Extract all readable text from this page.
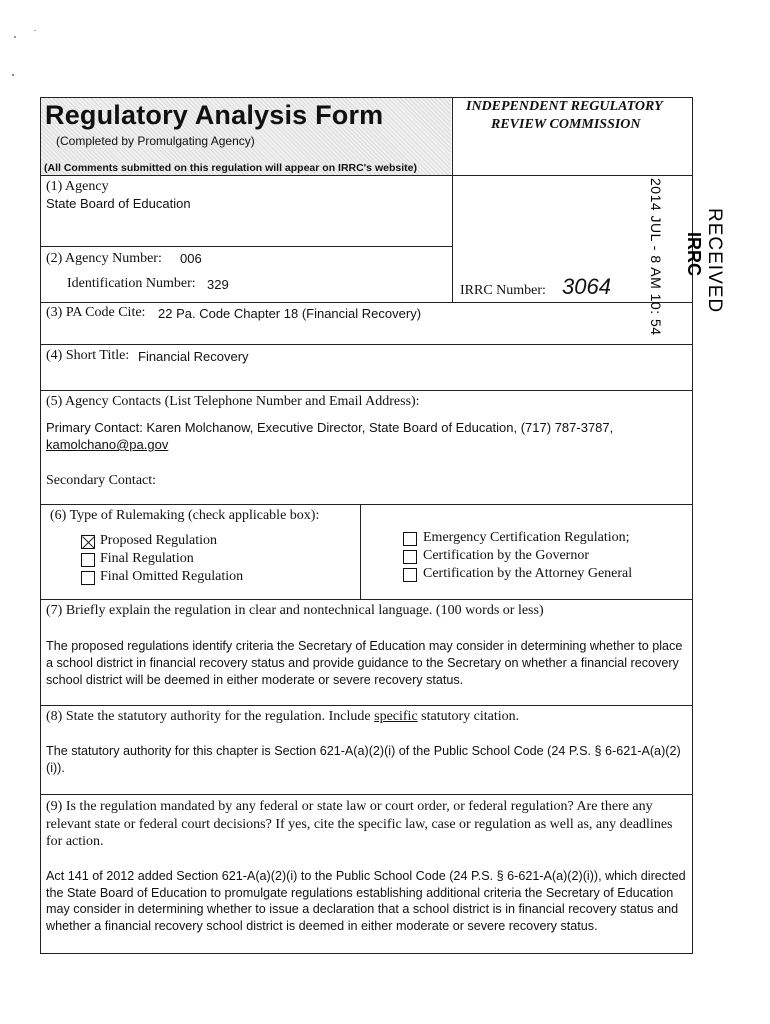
Regulatory Analysis Form
(Completed by Promulgating Agency)
(All Comments submitted on this regulation will appear on IRRC's website)
INDEPENDENT REGULATORY
REVIEW COMMISSION
RECEIVED
IRRC
2014 JUL - 8 AM 10: 54
(1) Agency
State Board of Education
(2) Agency Number: 006
Identification Number: 329	IRRC Number: 3064
(3) PA Code Cite: 22 Pa. Code Chapter 18 (Financial Recovery)
(4) Short Title: Financial Recovery
(5) Agency Contacts (List Telephone Number and Email Address):
Primary Contact: Karen Molchanow, Executive Director, State Board of Education, (717) 787-3787,
kamolchano@pa.gov
Secondary Contact:
(6) Type of Rulemaking (check applicable box):
Proposed Regulation
Final Regulation
Final Omitted Regulation
Emergency Certification Regulation;
Certification by the Governor
Certification by the Attorney General
(7) Briefly explain the regulation in clear and nontechnical language. (100 words or less)
The proposed regulations identify criteria the Secretary of Education may consider in determining whether to place a school district in financial recovery status and provide guidance to the Secretary on whether a financial recovery school district will be deemed in either moderate or severe recovery status.
(8) State the statutory authority for the regulation. Include specific statutory citation.
The statutory authority for this chapter is Section 621-A(a)(2)(i) of the Public School Code (24 P.S. § 6-621-A(a)(2)(i)).
(9) Is the regulation mandated by any federal or state law or court order, or federal regulation? Are there any relevant state or federal court decisions? If yes, cite the specific law, case or regulation as well as, any deadlines for action.
Act 141 of 2012 added Section 621-A(a)(2)(i) to the Public School Code (24 P.S. § 6-621-A(a)(2)(i)), which directed the State Board of Education to promulgate regulations establishing additional criteria the Secretary of Education may consider in determining whether to issue a declaration that a school district is in financial recovery status and whether a financial recovery school district is deemed in either moderate or severe recovery status.
